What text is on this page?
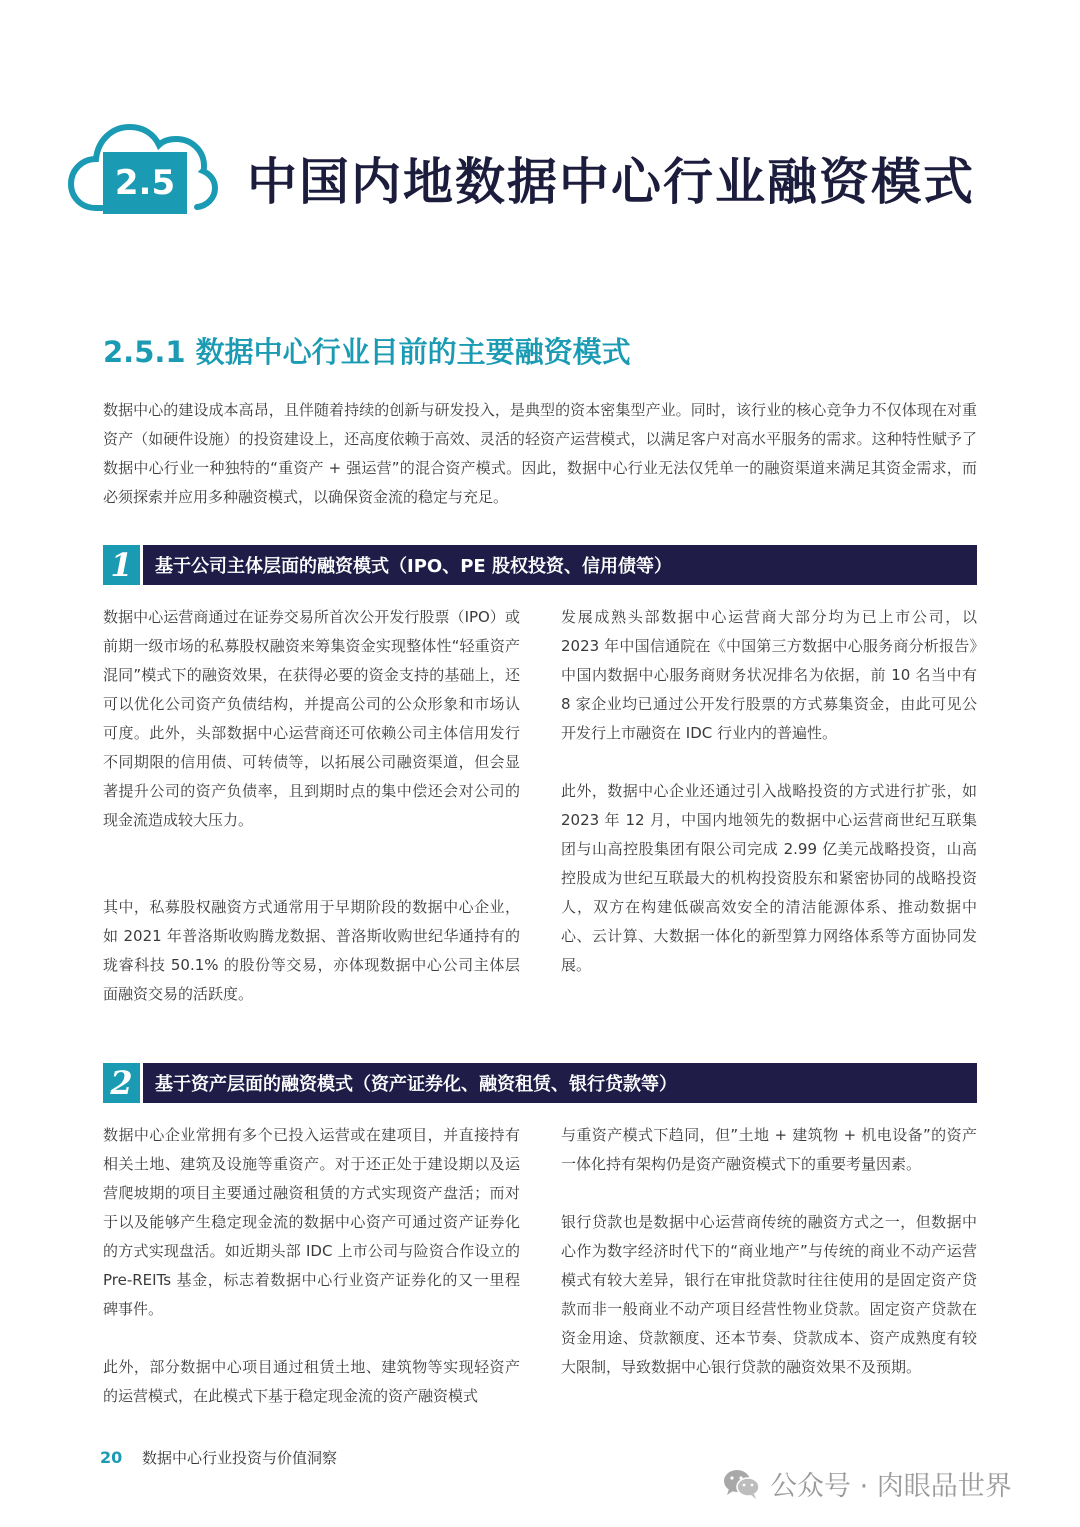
2.5 中国内地数据中心行业融资模式
2.5.1 数据中心行业目前的主要融资模式

数据中心的建设成本高昂，且伴随着持续的创新与研发投入，是典型的资本密集型产业。同时，该行业的核心竞争力不仅体现在对重资产（如硬件设施）的投资建设上，还高度依赖于高效、灵活的轻资产运营模式，以满足客户对高水平服务的需求。这种特性赋予了数据中心行业一种独特的“重资产 + 强运营”的混合资产模式。因此，数据中心行业无法仅凭单一的融资渠道来满足其资金需求，而必须探索并应用多种融资模式，以确保资金流的稳定与充足。

1	基于公司主体层面的融资模式（IPO、PE 股权投资、信用债等）

数据中心运营商通过在证券交易所首次公开发行股票（IPO）或前期一级市场的私募股权融资来筹集资金实现整体性“轻重资产混同”模式下的融资效果，在获得必要的资金支持的基础上，还可以优化公司资产负债结构，并提高公司的公众形象和市场认可度。此外，头部数据中心运营商还可依赖公司主体信用发行不同期限的信用债、可转债等，以拓展公司融资渠道，但会显著提升公司的资产负债率，且到期时点的集中偿还会对公司的现金流造成较大压力。

其中，私募股权融资方式通常用于早期阶段的数据中心企业，如 2021 年普洛斯收购腾龙数据、普洛斯收购世纪华通持有的珑睿科技 50.1% 的股份等交易，亦体现数据中心公司主体层面融资交易的活跃度。

发展成熟头部数据中心运营商大部分均为已上市公司，以 2023 年中国信通院在《中国第三方数据中心服务商分析报告》中国内数据中心服务商财务状况排名为依据，前 10 名当中有 8 家企业均已通过公开发行股票的方式募集资金，由此可见公开发行上市融资在 IDC 行业内的普遍性。

此外，数据中心企业还通过引入战略投资的方式进行扩张，如 2023 年 12 月，中国内地领先的数据中心运营商世纪互联集团与山高控股集团有限公司完成 2.99 亿美元战略投资，山高控股成为世纪互联最大的机构投资股东和紧密协同的战略投资人，双方在构建低碳高效安全的清洁能源体系、推动数据中心、云计算、大数据一体化的新型算力网络体系等方面协同发展。

2	基于资产层面的融资模式（资产证券化、融资租赁、银行贷款等）

数据中心企业常拥有多个已投入运营或在建项目，并直接持有相关土地、建筑及设施等重资产。对于还正处于建设期以及运营爬坡期的项目主要通过融资租赁的方式实现资产盘活；而对于以及能够产生稳定现金流的数据中心资产可通过资产证券化的方式实现盘活。如近期头部 IDC 上市公司与险资合作设立的 Pre-REITs 基金，标志着数据中心行业资产证券化的又一里程碑事件。

此外，部分数据中心项目通过租赁土地、建筑物等实现轻资产的运营模式，在此模式下基于稳定现金流的资产融资模式

与重资产模式下趋同，但”土地 + 建筑物 + 机电设备”的资产一体化持有架构仍是资产融资模式下的重要考量因素。

银行贷款也是数据中心运营商传统的融资方式之一，但数据中心作为数字经济时代下的“商业地产”与传统的商业不动产运营模式有较大差异，银行在审批贷款时往往使用的是固定资产贷款而非一般商业不动产项目经营性物业贷款。固定资产贷款在资金用途、贷款额度、还本节奏、贷款成本、资产成熟度有较大限制，导致数据中心银行贷款的融资效果不及预期。

20 数据中心行业投资与价值洞察
公众号 · 肉眼品世界
